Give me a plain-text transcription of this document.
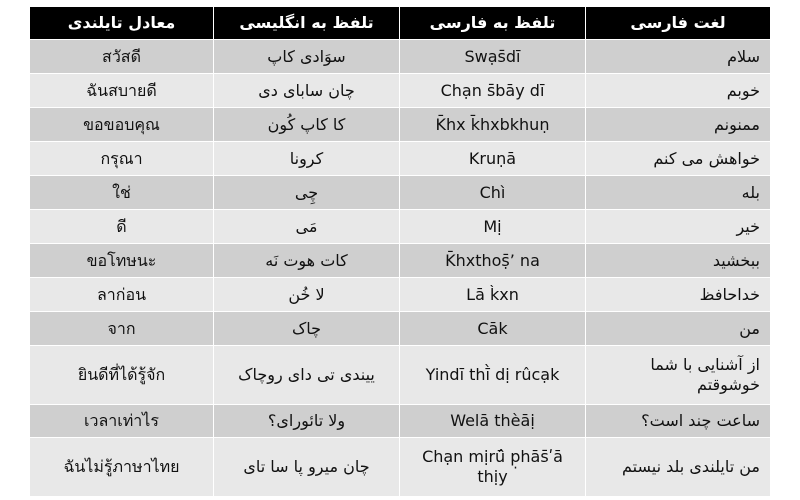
لغت فارسی	تلفظ به فارسی	تلفظ به انگلیسی	معادل تایلندی
سلام	Swạs̄dī	سوَادی کاپ	สวัสดี
خوبم	Chạn s̄bāy dī	چان سابای دی	ฉันสบายดี
ممنونم	K̄hx k̄hxbkhuṇ	کا کاپ کُون	ขอขอบคุณ
خواهش می کنم	Kruṇā	کرونا	กรุณา
بله	Chì	چِی	ใช่
خیر	Mị	مَی	ดี
ببخشید	K̄hxthoṣ̄’ na	کات هوت نَه	ขอโทษนะ
خداحافظ	Lā k̀xn	لا خُن	ลาก่อน
من	Cāk	چاک	จาก
از آشنایی با شما خوشوقتم	Yindī thī̀ dị rûcạk	ییندی تی دای روچاک	ยินดีที่ได้รู้จัก
ساعت چند است؟	Welā thèāị	ولا تائورای؟	เวลาเท่าไร
من تایلندی بلد نیستم	Chạn mịrū̂ p̣hās̄ʹā thịy	چان میرو پا سا تای	ฉันไม่รู้ภาษาไทย
